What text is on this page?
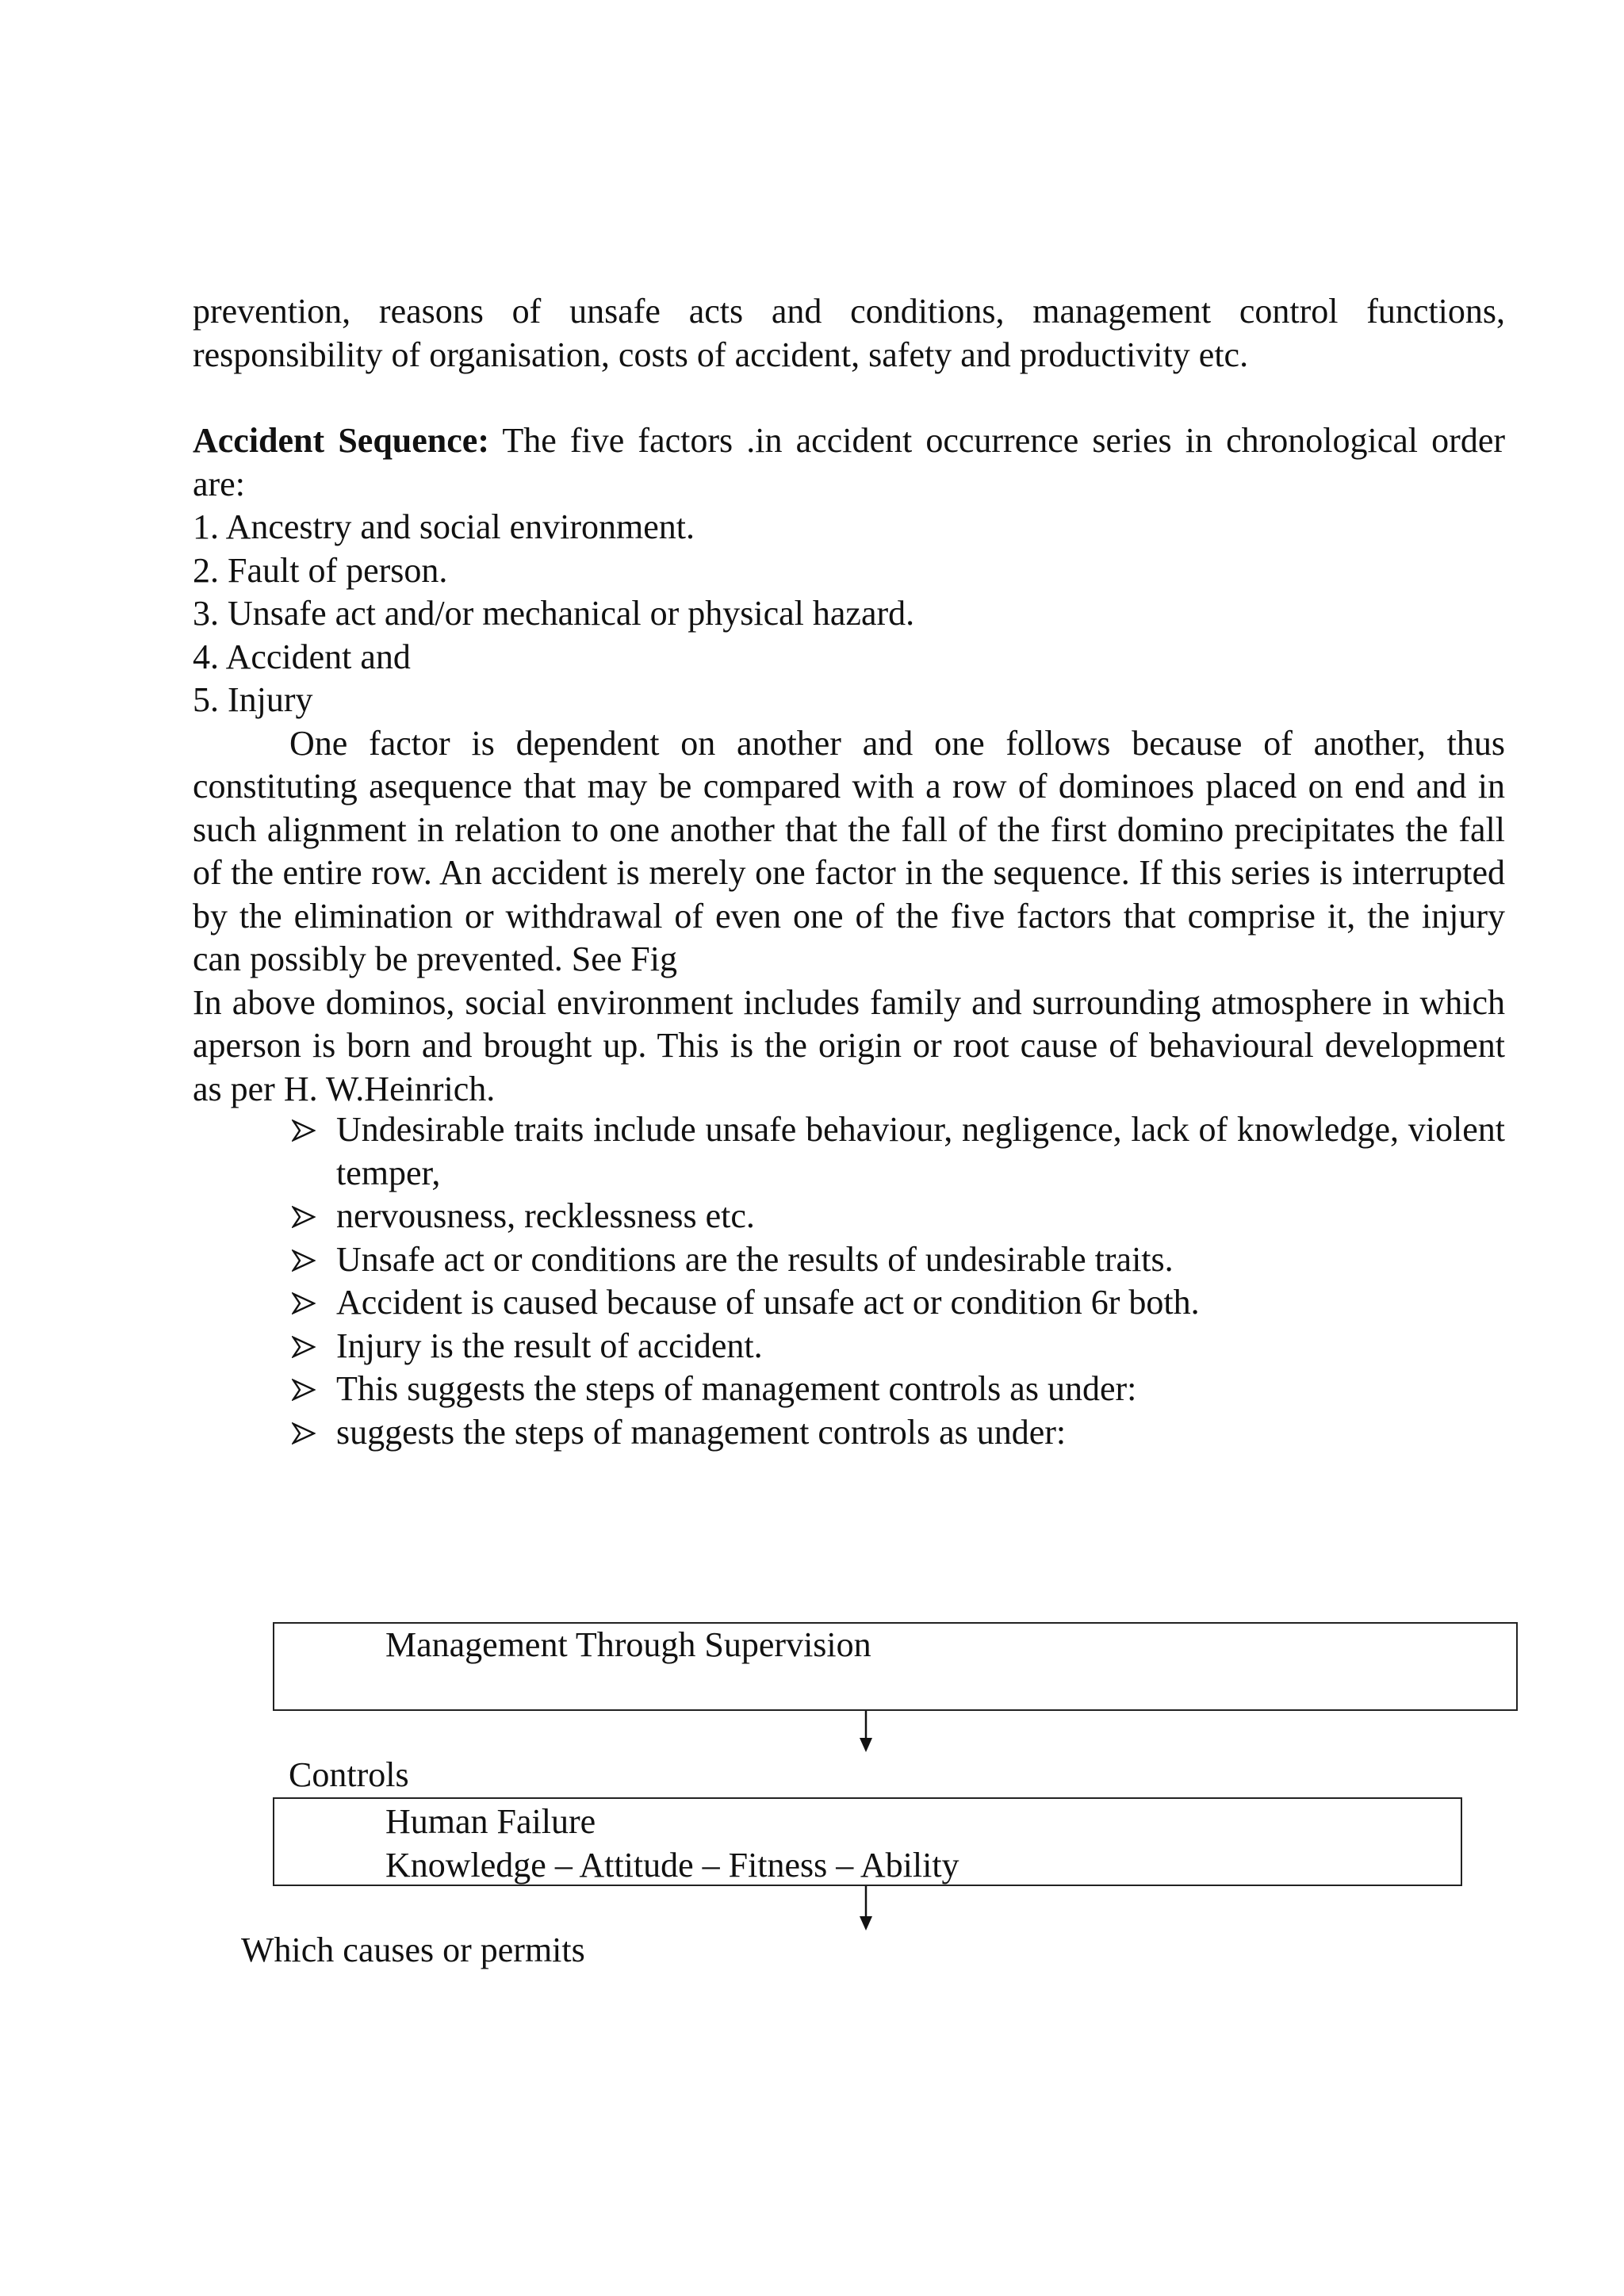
prevention, reasons of unsafe acts and conditions, management control functions, responsibility of organisation, costs of accident, safety and productivity etc.

Accident Sequence: The five factors .in accident occurrence series in chronological order are:

1. Ancestry and social environment.
2. Fault of person.
3. Unsafe act and/or mechanical or physical hazard.
4. Accident and
5. Injury

One factor is dependent on another and one follows because of another, thus constituting asequence that may be compared with a row of dominoes placed on end and in such alignment in relation to one another that the fall of the first domino precipitates the fall of the entire row. An accident is merely one factor in the sequence. If this series is interrupted by the elimination or withdrawal of even one of the five factors that comprise it, the injury can possibly be prevented. See Fig

In above dominos, social environment includes family and surrounding atmosphere in which aperson is born and brought up. This is the origin or root cause of behavioural development as per H. W.Heinrich.

Undesirable traits include unsafe behaviour, negligence, lack of knowledge, violent temper,
nervousness, recklessness etc.
Unsafe act or conditions are the results of undesirable traits.
Accident is caused because of unsafe act or condition 6r both.
Injury is the result of accident.
This suggests the steps of management controls as under:
suggests the steps of management controls as under:
Management Through Supervision
Controls
Human Failure
Knowledge – Attitude – Fitness – Ability
Which causes or permits
